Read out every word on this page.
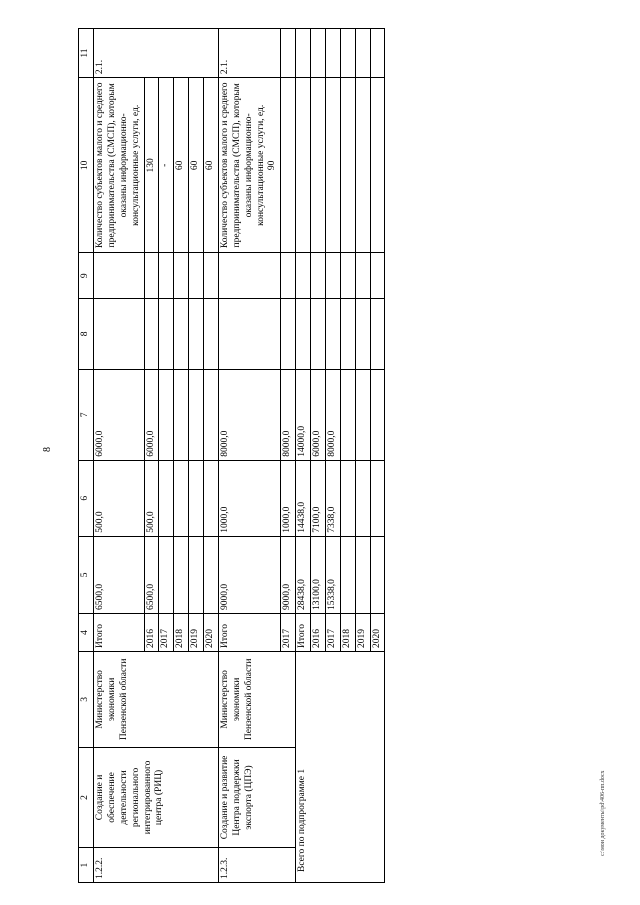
8
c:\мои документы\pd\406-пп.docx
1	2	3	4	5	6	7	8	9	10	11
1.2.2.	Создание и обеспечение деятельности регионального интегрированного центра (РИЦ)	Министерство экономики Пензенской области	Итого	6500,0	500,0	6000,0			Количество субъектов малого и среднего предпринимательства (СМСП), которым оказаны информационно-консультационные услуги, ед.	2.1.
			2016	6500,0	500,0	6000,0			130	
			2017						-	
			2018						60	
			2019						60	
			2020						60	
1.2.3.	Создание и развитие Центра поддержки экспорта (ЦПЭ)	Министерство экономики Пензенской области	Итого	9000,0	1000,0	8000,0			Количество субъектов малого и среднего предпринимательства (СМСП), которым оказаны информационно-консультационные услуги, ед. 90	2.1.
			2017	9000,0	1000,0	8000,0				
Всего по подпрограмме 1			Итого	28438,0	14438,0	14000,0				
			2016	13100,0	7100,0	6000,0				
			2017	15338,0	7338,0	8000,0				
			2018							
			2019							
			2020							
